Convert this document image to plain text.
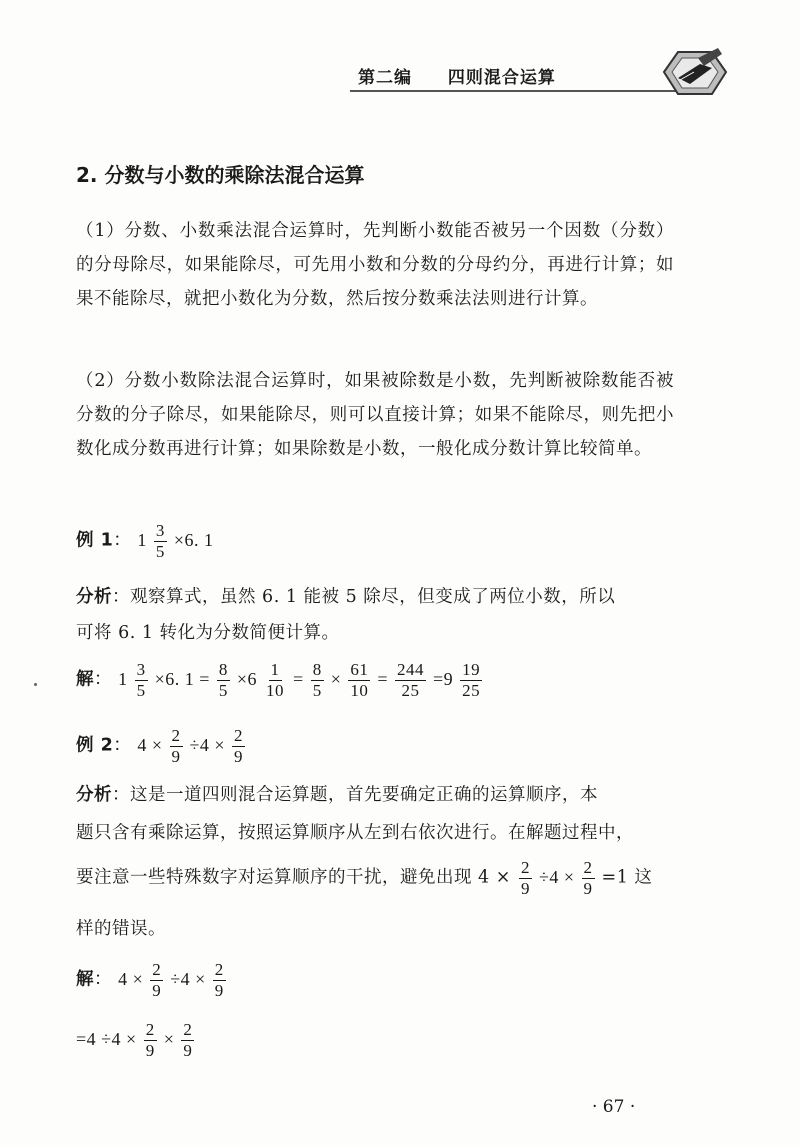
第二编 四则混合运算
2. 分数与小数的乘除法混合运算
（1）分数、小数乘法混合运算时，先判断小数能否被另一个因数（分数）的分母除尽，如果能除尽，可先用小数和分数的分母约分，再进行计算；如果不能除尽，就把小数化为分数，然后按分数乘法法则进行计算。
（2）分数小数除法混合运算时，如果被除数是小数，先判断被除数能否被分数的分子除尽，如果能除尽，则可以直接计算；如果不能除尽，则先把小数化成分数再进行计算；如果除数是小数，一般化成分数计算比较简单。
例 1： $1 \frac{3}{5} \times 6$. 1
分析：观察算式，虽然 6. 1 能被 5 除尽，但变成了两位小数，所以
可将 6. 1 转化为分数简便计算。
解： $1 \frac{3}{5} \times 6$. $1 = \frac{8}{5} \times 6 \frac{1}{10} = \frac{8}{5} \times \frac{61}{10} = \frac{244}{25} =9 \frac{19}{25}$
例 2： $4 \times \frac{2}{9} \div 4 \times \frac{2}{9}$
分析：这是一道四则混合运算题，首先要确定正确的运算顺序，本
题只含有乘除运算，按照运算顺序从左到右依次进行。在解题过程中，
要注意一些特殊数字对运算顺序的干扰，避免出现 $4 \times \frac{2}{9} \div 4 \times \frac{2}{9} =1$ 这
样的错误。
解： $4 \times \frac{2}{9} \div 4 \times \frac{2}{9}$
$=4 \div 4 \times \frac{2}{9} \times \frac{2}{9}$
· 67 ·
